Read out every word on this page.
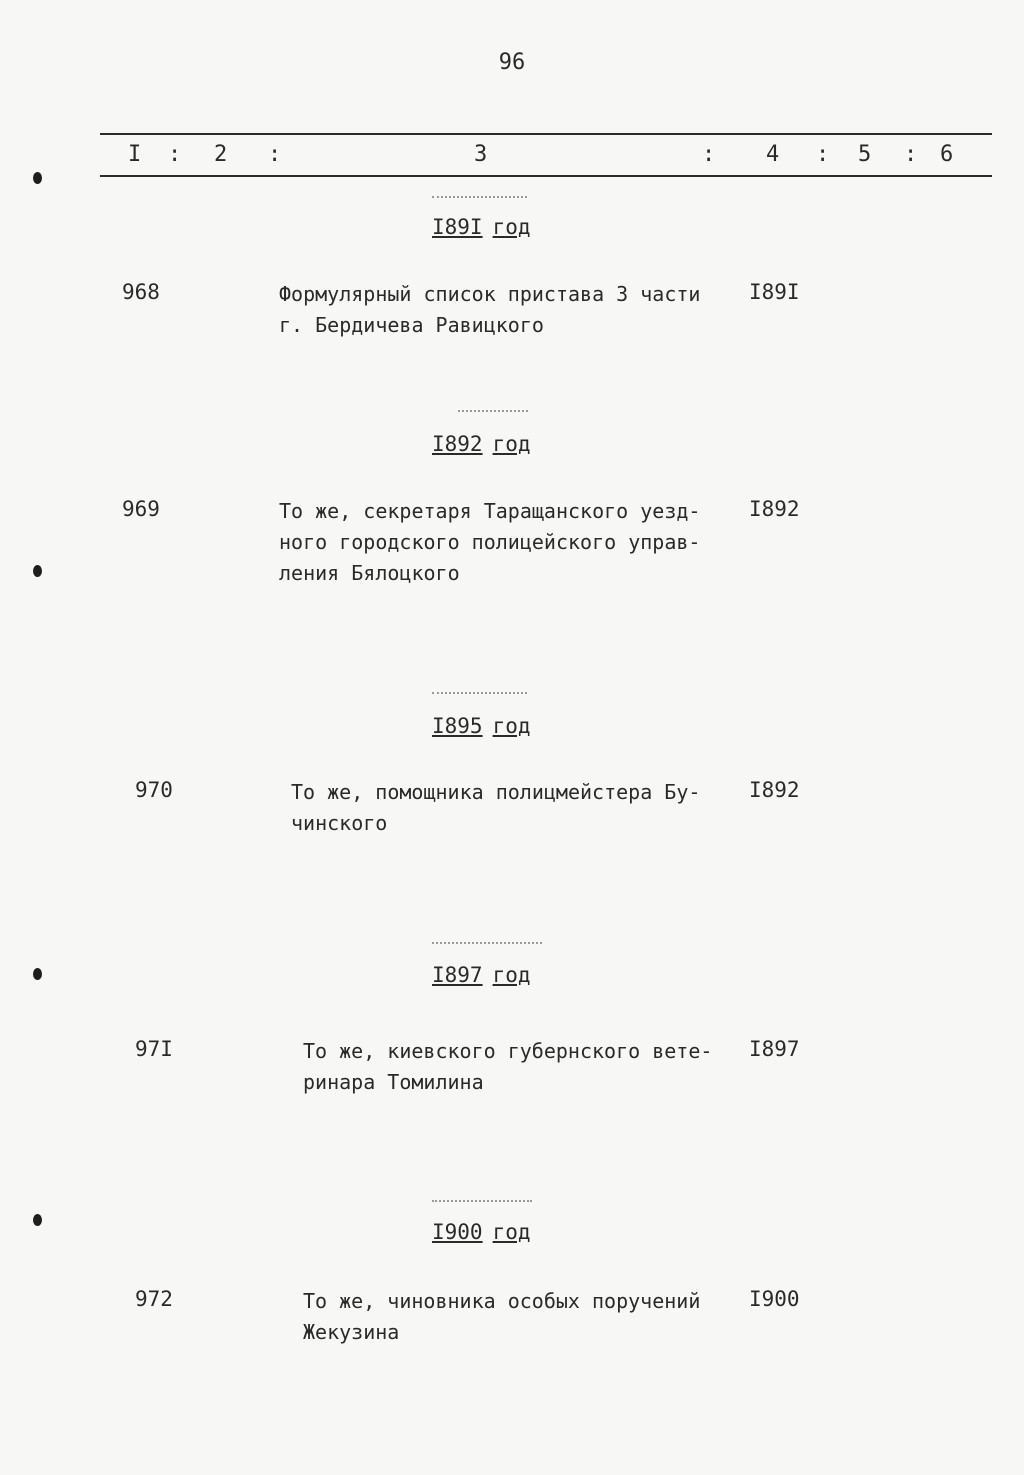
96
I : 2 :	3	: 4 : 5 : 6
I89I год
968	Формулярный список пристава 3 части
г. Бердичева Равицкого
I89I
I892 год
969	То же, секретаря Таращанского уезд-
ного городского полицейского управ-
ления Бялоцкого
I892
I895 год
970	То же, помощника полицмейстера Бу-
чинского
I892
I897 год
97I	То же, киевского губернского вете-
ринара Томилина
I897
I900 год
972	То же, чиновника особых поручений
Жекузина
I900
